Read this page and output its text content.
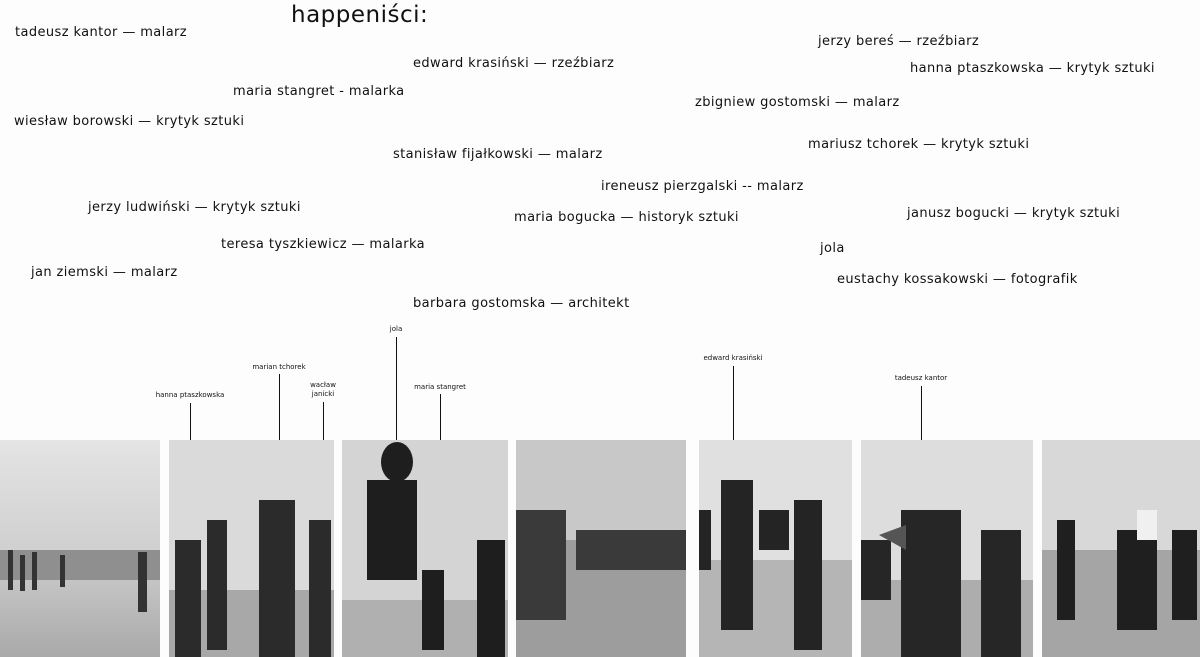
happeniści:
tadeusz kantor — malarz
edward krasiński — rzeźbiarz
jerzy bereś — rzeźbiarz
hanna ptaszkowska — krytyk sztuki
maria stangret - malarka
zbigniew gostomski — malarz
wiesław borowski — krytyk sztuki
stanisław fijałkowski — malarz
mariusz tchorek — krytyk sztuki
ireneusz pierzgalski -- malarz
jerzy ludwiński — krytyk sztuki
maria bogucka — historyk sztuki	janusz bogucki — krytyk sztuki
teresa tyszkiewicz — malarka	jola
jan ziemski — malarz	eustachy kossakowski — fotografik
barbara gostomska — architekt
hanna ptaszkowska
marian tchorek
wacław janicki
jola
maria stangret
edward krasiński
tadeusz kantor
